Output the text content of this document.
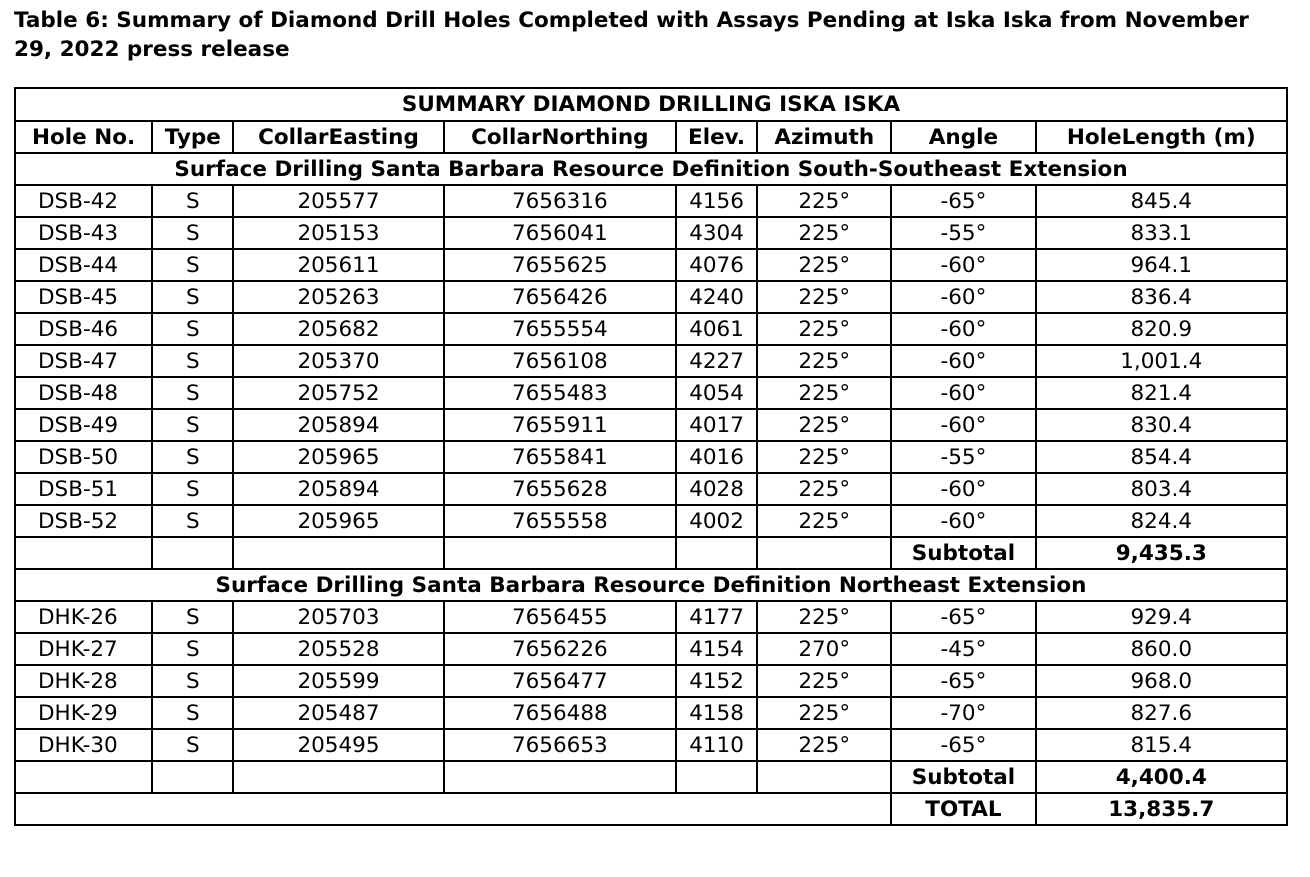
Table 6: Summary of Diamond Drill Holes Completed with Assays Pending at Iska Iska from November 29, 2022 press release
SUMMARY DIAMOND DRILLING ISKA ISKA							
Hole No.	Type	CollarEasting	CollarNorthing	Elev.	Azimuth	Angle	HoleLength (m)
Surface Drilling Santa Barbara Resource Definition South-Southeast Extension							
DSB-42	S	205577	7656316	4156	225°	-65°	845.4
DSB-43	S	205153	7656041	4304	225°	-55°	833.1
DSB-44	S	205611	7655625	4076	225°	-60°	964.1
DSB-45	S	205263	7656426	4240	225°	-60°	836.4
DSB-46	S	205682	7655554	4061	225°	-60°	820.9
DSB-47	S	205370	7656108	4227	225°	-60°	1,001.4
DSB-48	S	205752	7655483	4054	225°	-60°	821.4
DSB-49	S	205894	7655911	4017	225°	-60°	830.4
DSB-50	S	205965	7655841	4016	225°	-55°	854.4
DSB-51	S	205894	7655628	4028	225°	-60°	803.4
DSB-52	S	205965	7655558	4002	225°	-60°	824.4
						Subtotal	9,435.3
Surface Drilling Santa Barbara Resource Definition Northeast Extension							
DHK-26	S	205703	7656455	4177	225°	-65°	929.4
DHK-27	S	205528	7656226	4154	270°	-45°	860.0
DHK-28	S	205599	7656477	4152	225°	-65°	968.0
DHK-29	S	205487	7656488	4158	225°	-70°	827.6
DHK-30	S	205495	7656653	4110	225°	-65°	815.4
						Subtotal	4,400.4
						TOTAL	13,835.7
